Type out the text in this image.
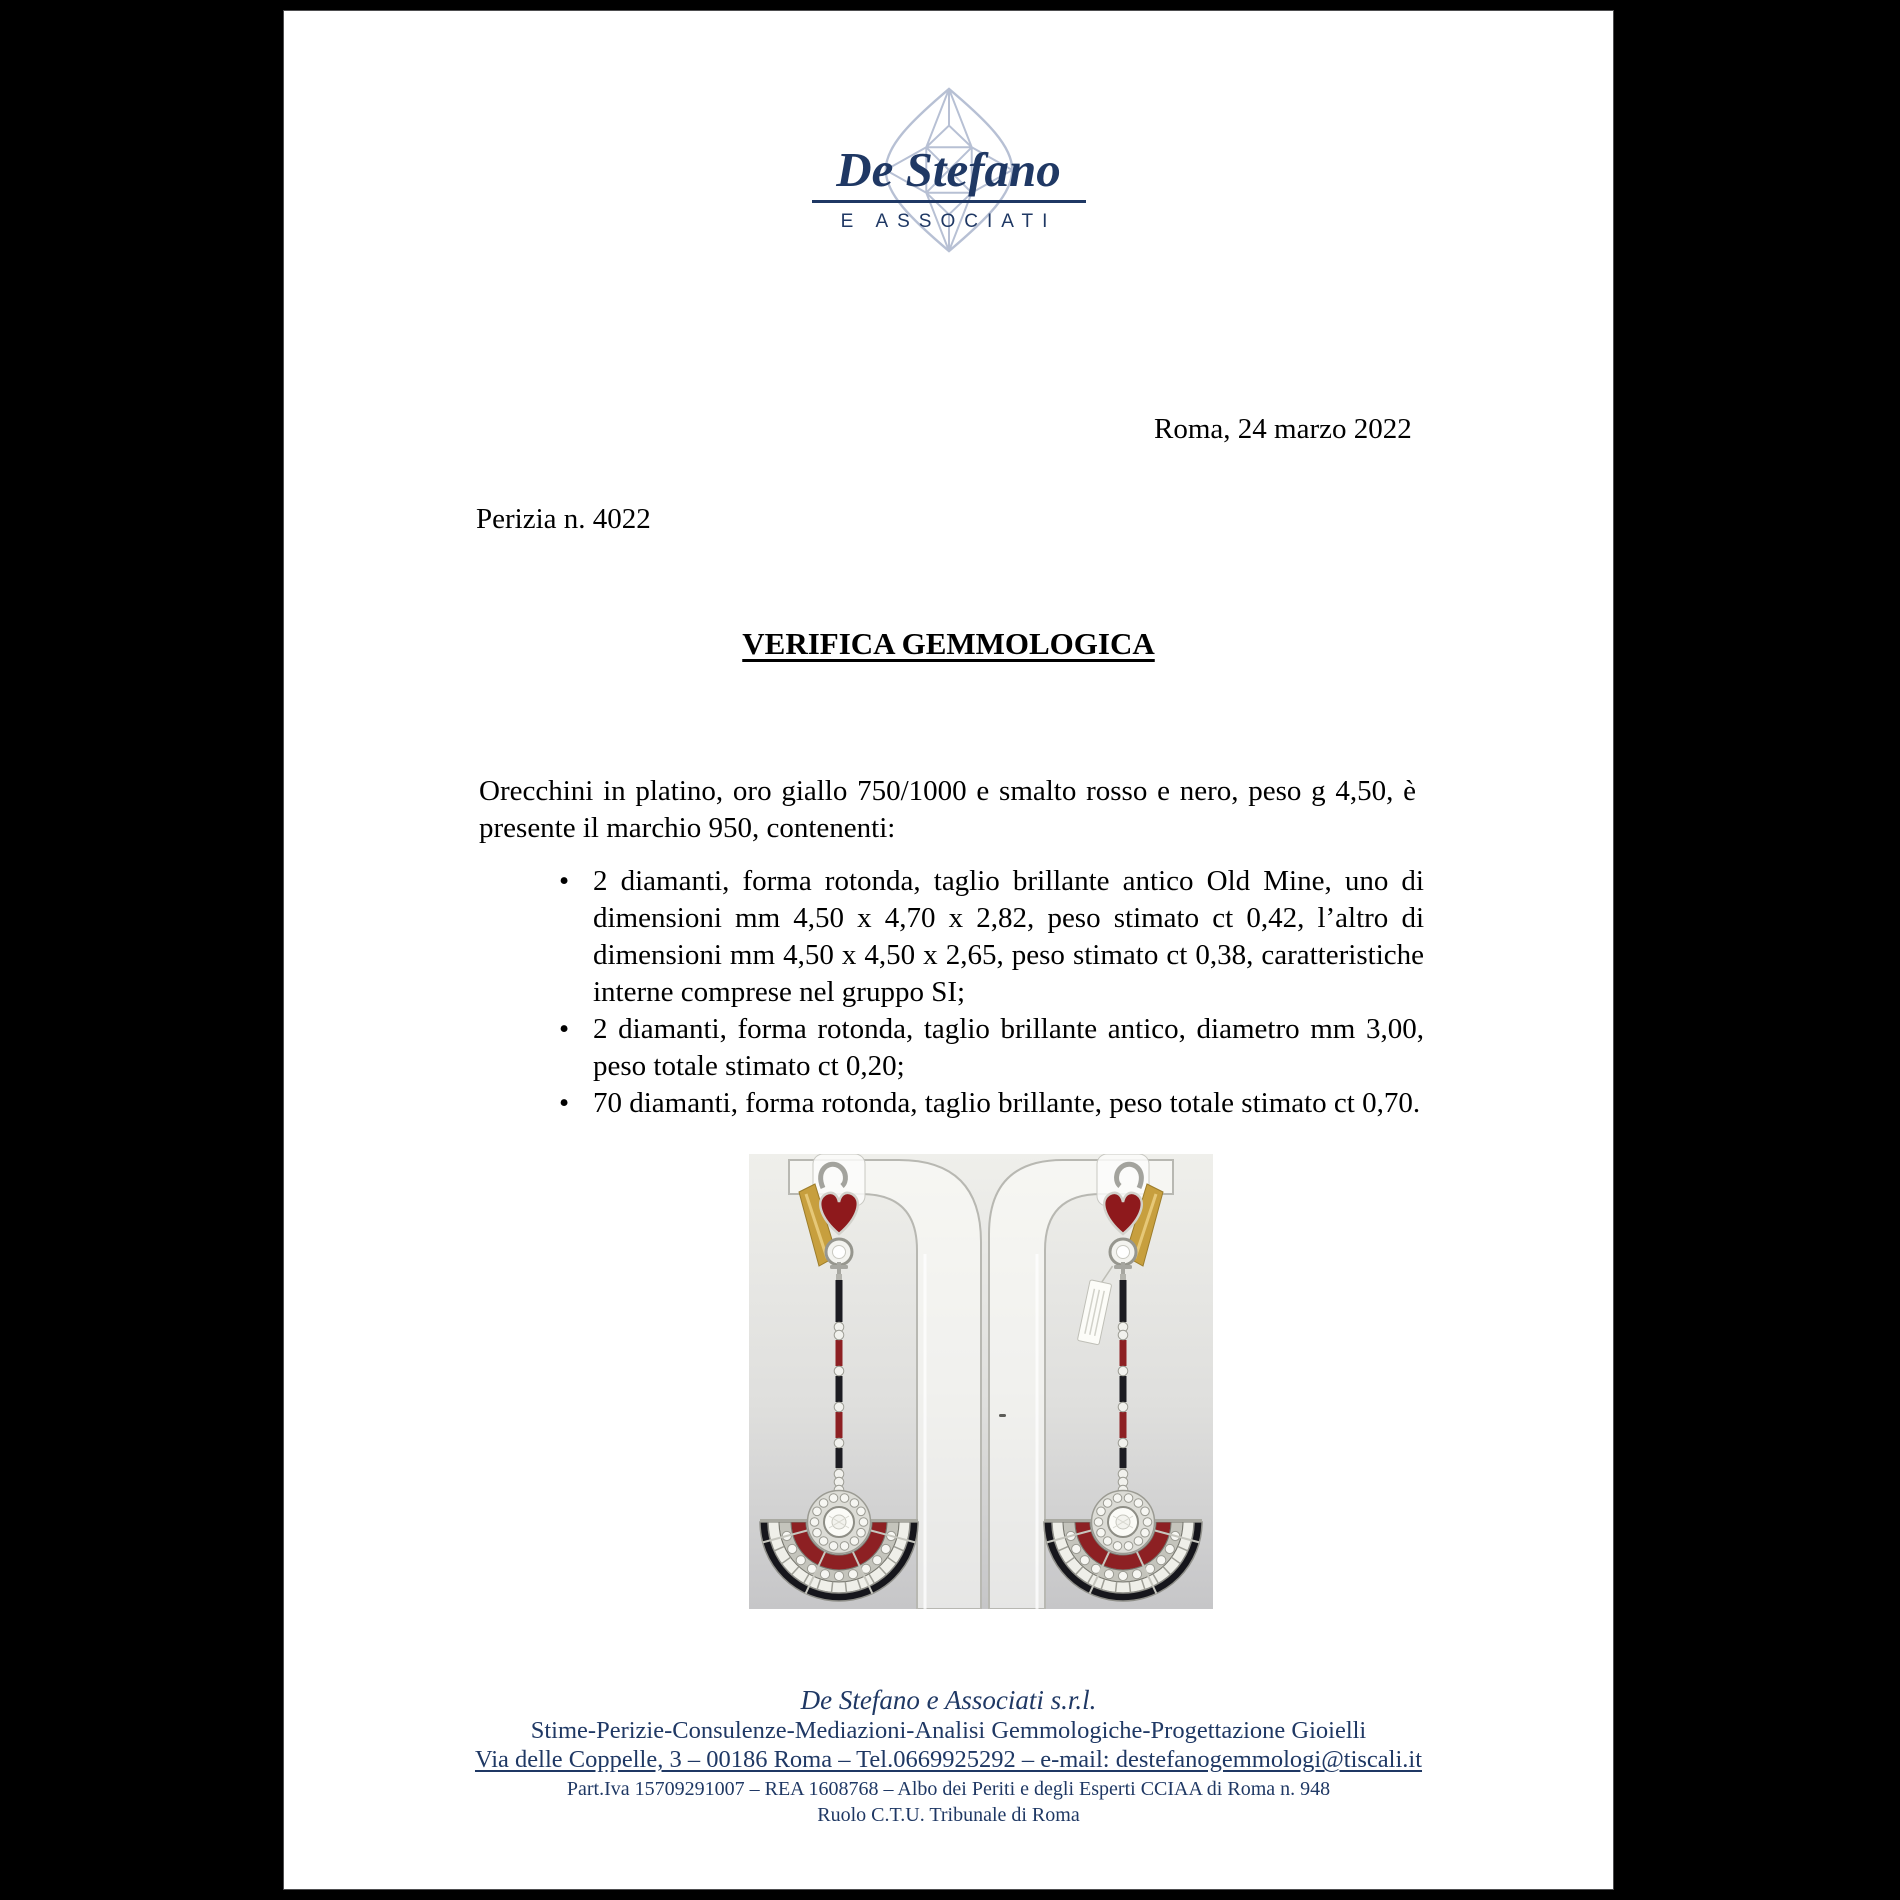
De Stefano
E ASSOCIATI
Roma, 24 marzo 2022
Perizia n. 4022
VERIFICA GEMMOLOGICA
Orecchini in platino, oro giallo 750/1000 e smalto rosso e nero, peso g 4,50, è
presente il marchio 950, contenenti:
• 2 diamanti, forma rotonda, taglio brillante antico Old Mine, uno di dimensioni mm 4,50 x 4,70 x 2,82, peso stimato ct 0,42, l’altro di dimensioni mm 4,50 x 4,50 x 2,65, peso stimato ct 0,38, caratteristiche interne comprese nel gruppo SI;
• 2 diamanti, forma rotonda, taglio brillante antico, diametro mm 3,00, peso totale stimato ct 0,20;
• 70 diamanti, forma rotonda, taglio brillante, peso totale stimato ct 0,70.
De Stefano e Associati s.r.l.
Stime-Perizie-Consulenze-Mediazioni-Analisi Gemmologiche-Progettazione Gioielli
Via delle Coppelle, 3 – 00186 Roma – Tel.0669925292 – e-mail: destefanogemmologi@tiscali.it
Part.Iva 15709291007 – REA 1608768 – Albo dei Periti e degli Esperti CCIAA di Roma n. 948
Ruolo C.T.U. Tribunale di Roma
